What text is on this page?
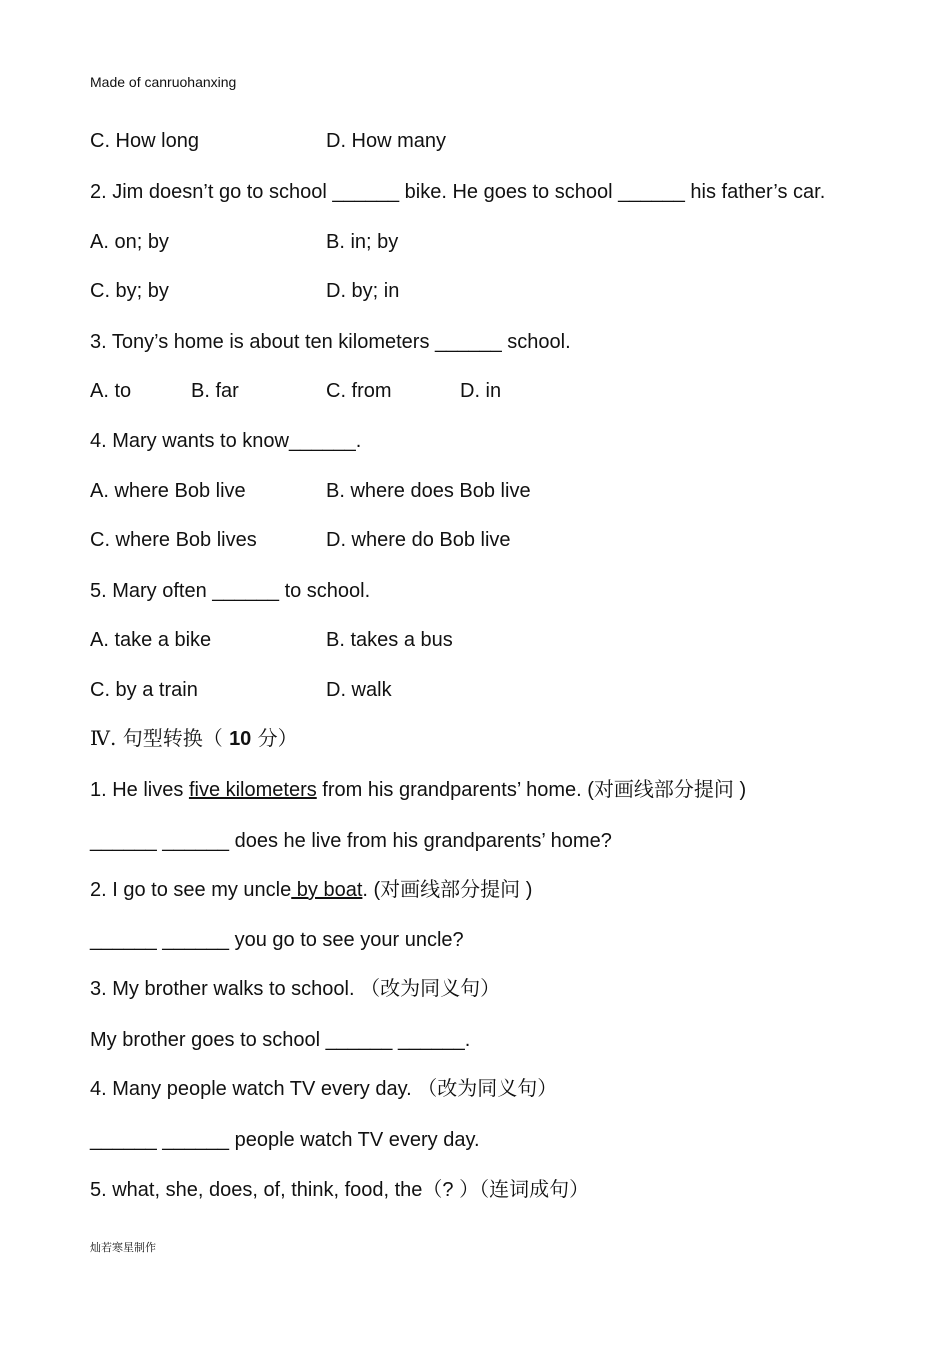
Made of canruohanxing
C. How long	D. How many
2. Jim doesn’t go to school ______ bike. He goes to school ______ his father’s car.
A. on; by	B. in; by
C. by; by	D. by; in
3. Tony’s home is about ten kilometers ______ school.
A. to	B. far	C. from	D. in
4. Mary wants to know______.
A. where Bob live	B. where does Bob live
C. where Bob lives	D. where do Bob live
5. Mary often ______ to school.
A. take a bike	B. takes a bus
C. by a train	D. walk
Ⅳ. 句型转换（ 10 分）
1. He lives five kilometers from his grandparents’ home. (对画线部分提问 )
______ ______ does he live from his grandparents’ home?
2. I go to see my uncle by boat. (对画线部分提问 )
______ ______ you go to see your uncle?
3. My brother walks to school. （改为同义句）
My brother goes to school ______ ______.
4. Many people watch TV every day. （改为同义句）
______ ______ people watch TV every day.
5. what, she, does, of, think, food, the（? ）（连词成句）
灿若寒星制作
